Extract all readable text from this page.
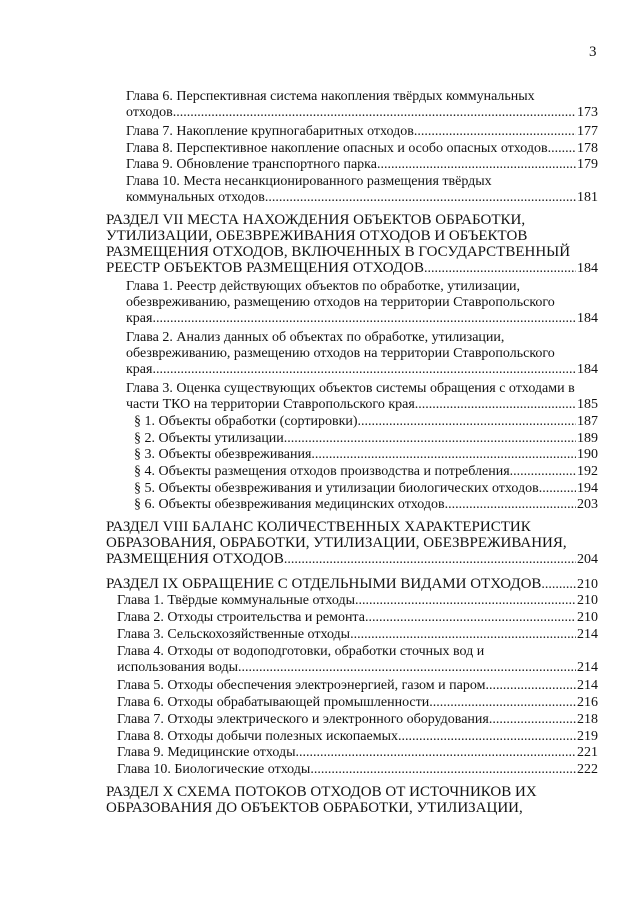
3
Глава 6. Перспективная система накопления твёрдых коммунальных
отходов .....	173
Глава 7. Накопление крупногабаритных отходов .....	177
Глава 8. Перспективное накопление опасных и особо опасных отходов ..... 178
Глава 9. Обновление транспортного парка .....	179
Глава 10. Места несанкционированного размещения твёрдых
коммунальных отходов .....	181
РАЗДЕЛ VII МЕСТА НАХОЖДЕНИЯ ОБЪЕКТОВ ОБРАБОТКИ,
УТИЛИЗАЦИИ, ОБЕЗВРЕЖИВАНИЯ ОТХОДОВ И ОБЪЕКТОВ
РАЗМЕЩЕНИЯ ОТХОДОВ, ВКЛЮЧЕННЫХ В ГОСУДАРСТВЕННЫЙ
РЕЕСТР ОБЪЕКТОВ РАЗМЕЩЕНИЯ ОТХОДОВ .....	184
Глава 1. Реестр действующих объектов по обработке, утилизации,
обезвреживанию, размещению отходов на территории Ставропольского
края .....	184
Глава 2. Анализ данных об объектах по обработке, утилизации,
обезвреживанию, размещению отходов на территории Ставропольского
края .....	184
Глава 3. Оценка существующих объектов системы обращения с отходами в
части ТКО на территории Ставропольского края .....	185
§ 1. Объекты обработки (сортировки) .....	187
§ 2. Объекты утилизации .....	189
§ 3. Объекты обезвреживания .....	190
§ 4. Объекты размещения отходов производства и потребления .....	192
§ 5. Объекты обезвреживания и утилизации биологических отходов .....	194
§ 6. Объекты обезвреживания медицинских отходов .....	203
РАЗДЕЛ VIII БАЛАНС КОЛИЧЕСТВЕННЫХ ХАРАКТЕРИСТИК
ОБРАЗОВАНИЯ, ОБРАБОТКИ, УТИЛИЗАЦИИ, ОБЕЗВРЕЖИВАНИЯ,
РАЗМЕЩЕНИЯ ОТХОДОВ .....	204
РАЗДЕЛ IX ОБРАЩЕНИЕ С ОТДЕЛЬНЫМИ ВИДАМИ ОТХОДОВ .....	210
Глава 1. Твёрдые коммунальные отходы .....	210
Глава 2. Отходы строительства и ремонта .....	210
Глава 3. Сельскохозяйственные отходы .....	214
Глава 4. Отходы от водоподготовки, обработки сточных вод и
использования воды .....	214
Глава 5. Отходы обеспечения электроэнергией, газом и паром .....	214
Глава 6. Отходы обрабатывающей промышленности .....	216
Глава 7. Отходы электрического и электронного оборудования .....	218
Глава 8. Отходы добычи полезных ископаемых .....	219
Глава 9. Медицинские отходы .....	221
Глава 10. Биологические отходы .....	222
РАЗДЕЛ X СХЕМА ПОТОКОВ ОТХОДОВ ОТ ИСТОЧНИКОВ ИХ
ОБРАЗОВАНИЯ ДО ОБЪЕКТОВ ОБРАБОТКИ, УТИЛИЗАЦИИ,
